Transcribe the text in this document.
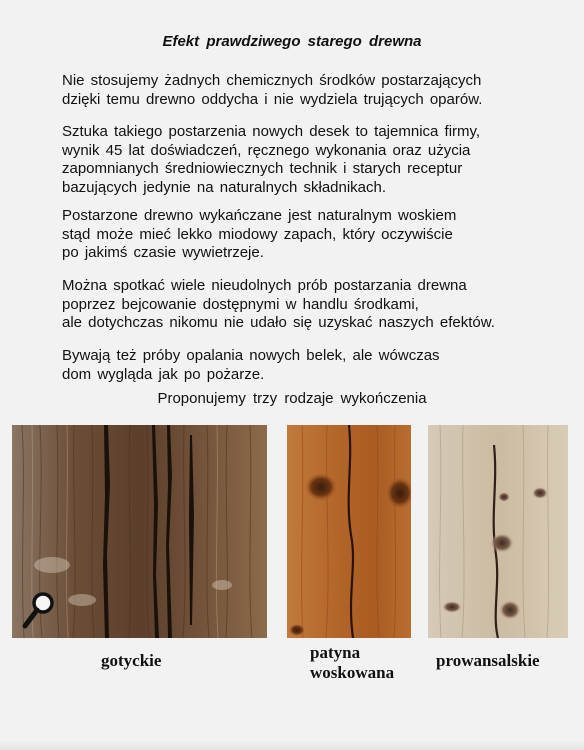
Efekt prawdziwego starego drewna

Nie stosujemy żadnych chemicznych środków postarzających
dzięki temu drewno oddycha i nie wydziela trujących oparów.

Sztuka takiego postarzenia nowych desek to tajemnica firmy,
wynik 45 lat doświadczeń, ręcznego wykonania oraz użycia
zapomnianych średniowiecznych technik i starych receptur
bazujących jedynie na naturalnych składnikach.

Postarzone drewno wykańczane jest naturalnym woskiem
stąd może mieć lekko miodowy zapach, który oczywiście
po jakimś czasie wywietrzeje.

Można spotkać wiele nieudolnych prób postarzania drewna
poprzez bejcowanie dostępnymi w handlu środkami,
ale dotychczas nikomu nie udało się uzyskać naszych efektów.

Bywają też próby opalania nowych belek, ale wówczas
dom wygląda jak po pożarze.

Proponujemy trzy rodzaje wykończenia

gotyckie	patyna
woskowana

prowansalskie
